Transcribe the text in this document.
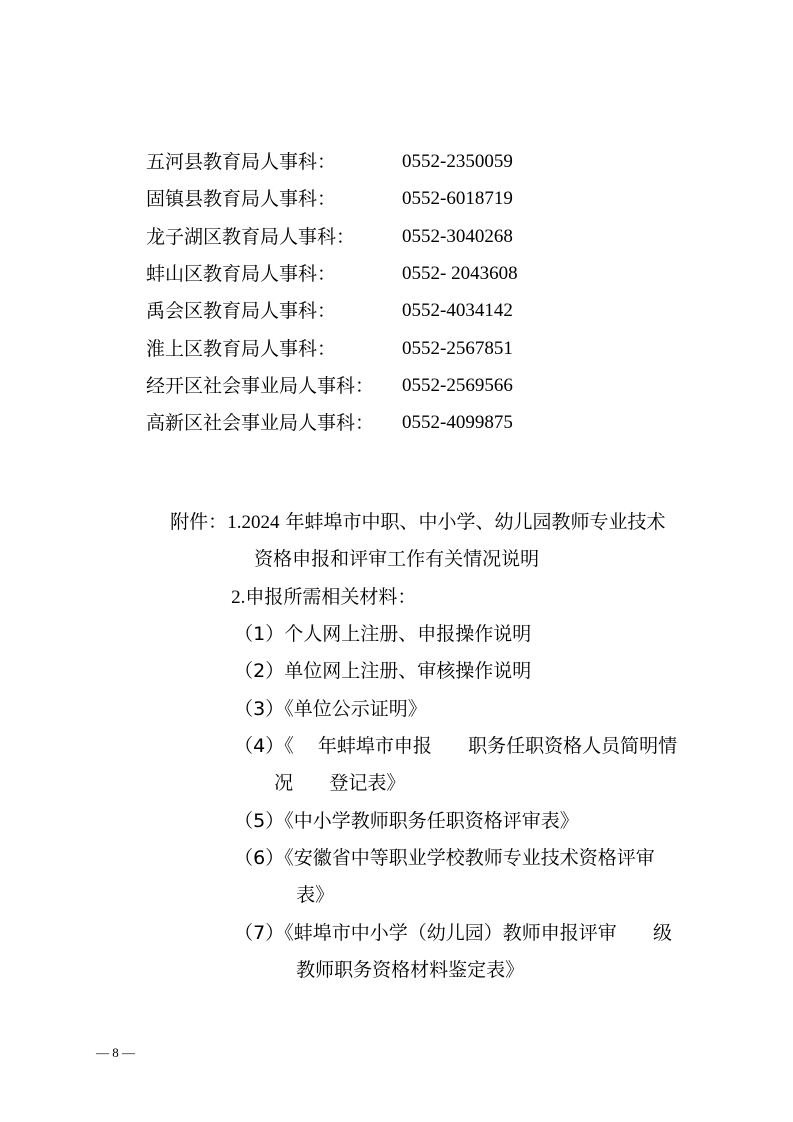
五河县教育局人事科：

	0552-2350059

固镇县教育局人事科：

	0552-6018719

龙子湖区教育局人事科：

0552-3040268

蚌山区教育局人事科：

	0552- 2043608

禹会区教育局人事科：

	0552-4034142

淮上区教育局人事科：

	0552-2567851

经开区社会事业局人事科：

0552-2569566

高新区社会事业局人事科：

0552-4099875

附件：1.2024 年蚌埠市中职、中小学、幼儿园教师专业技术

资格申报和评审工作有关情况说明

2.申报所需相关材料：

（1）个人网上注册、申报操作说明

（2）单位网上注册、审核操作说明

（3）《单位公示证明》

（4）《    年蚌埠市申报      职务任职资格人员简明情

况      登记表》

（5）《中小学教师职务任职资格评审表》

（6）《安徽省中等职业学校教师专业技术资格评审

表》

（7）《蚌埠市中小学（幼儿园）教师申报评审      级

教师职务资格材料鉴定表》

— 8 —
